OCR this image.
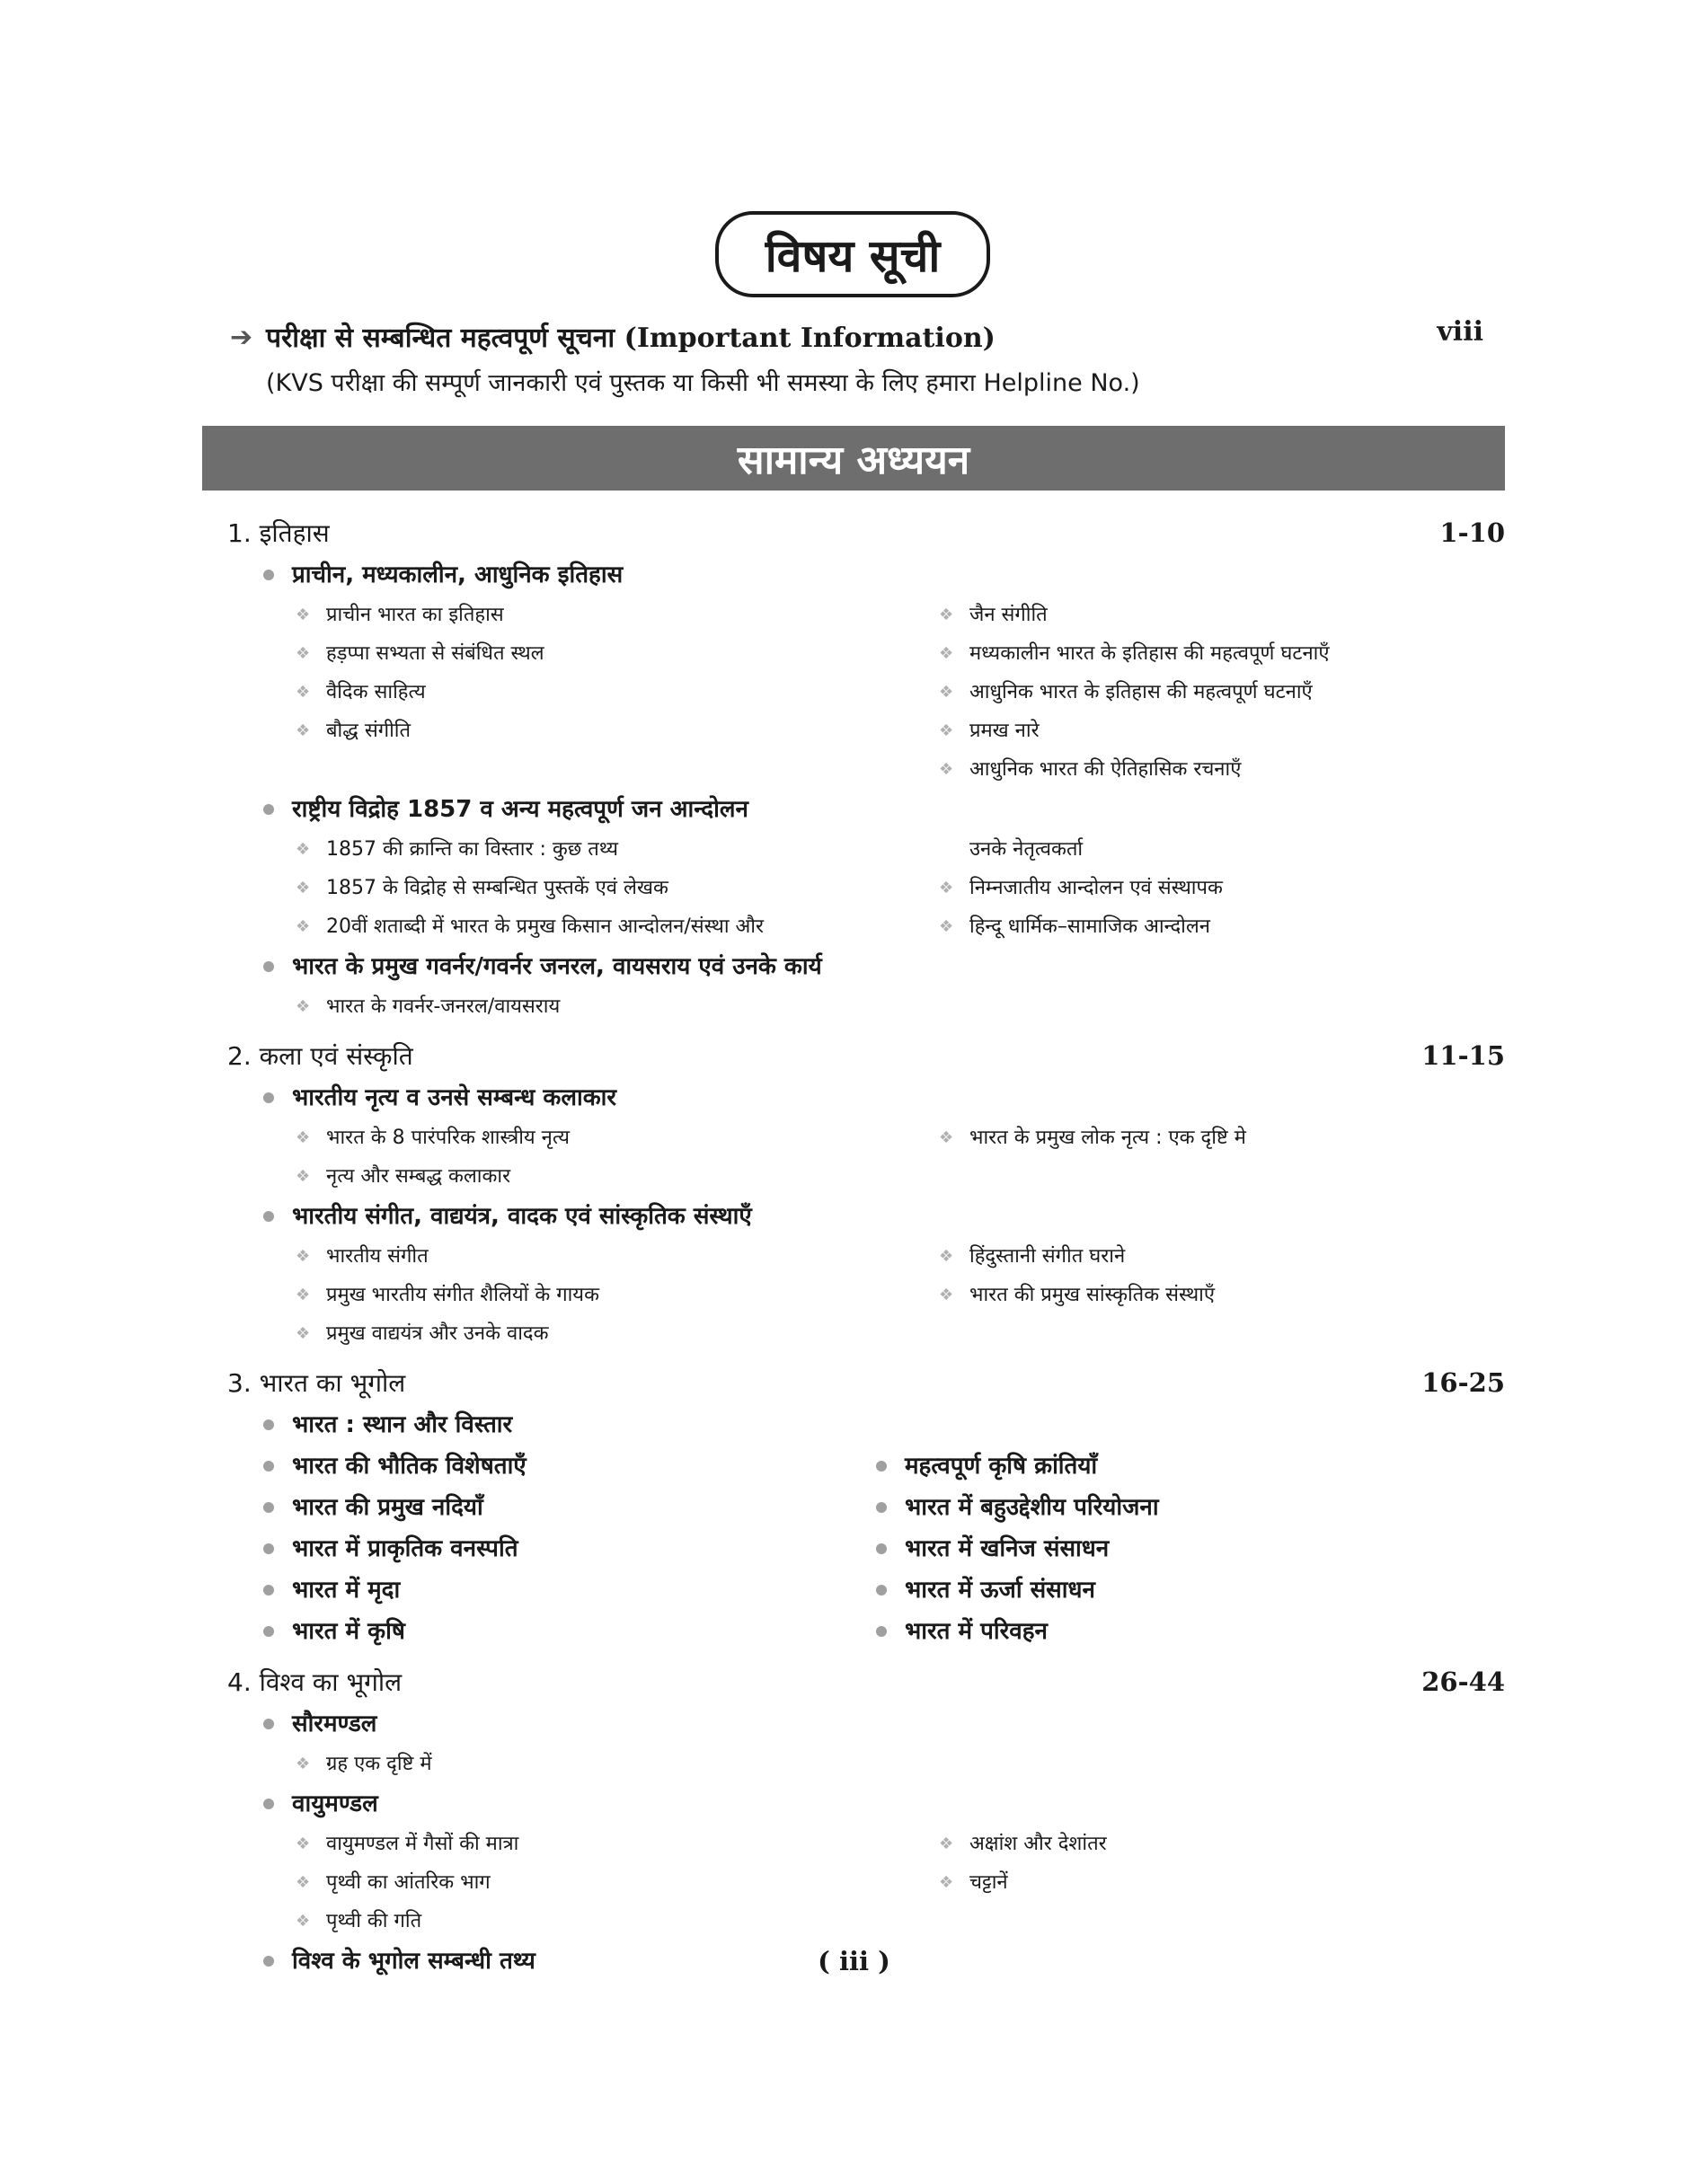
विषय सूची
➔ परीक्षा से सम्बन्धित महत्वपूर्ण सूचना (Important Information)	viii
(KVS परीक्षा की सम्पूर्ण जानकारी एवं पुस्तक या किसी भी समस्या के लिए हमारा Helpline No.)
सामान्य अध्ययन
1. इतिहास	1-10
प्राचीन, मध्यकालीन, आधुनिक इतिहास
❖ प्राचीन भारत का इतिहास	❖ जैन संगीति
❖ हड़प्पा सभ्यता से संबंधित स्थल	❖ मध्यकालीन भारत के इतिहास की महत्वपूर्ण घटनाएँ
❖ वैदिक साहित्य	❖ आधुनिक भारत के इतिहास की महत्वपूर्ण घटनाएँ
❖ बौद्ध संगीति	❖ प्रमख नारे
❖ आधुनिक भारत की ऐतिहासिक रचनाएँ
राष्ट्रीय विद्रोह 1857 व अन्य महत्वपूर्ण जन आन्दोलन
❖ 1857 की क्रान्ति का विस्तार : कुछ तथ्य	उनके नेतृत्वकर्ता
❖ 1857 के विद्रोह से सम्बन्धित पुस्तकें एवं लेखक	❖ निम्नजातीय आन्दोलन एवं संस्थापक
❖ 20वीं शताब्दी में भारत के प्रमुख किसान आन्दोलन/संस्था और	❖ हिन्दू धार्मिक–सामाजिक आन्दोलन
भारत के प्रमुख गवर्नर/गवर्नर जनरल, वायसराय एवं उनके कार्य
❖ भारत के गवर्नर-जनरल/वायसराय
2. कला एवं संस्कृति	11-15
भारतीय नृत्य व उनसे सम्बन्ध कलाकार
❖ भारत के 8 पारंपरिक शास्त्रीय नृत्य	❖ भारत के प्रमुख लोक नृत्य : एक दृष्टि मे
❖ नृत्य और सम्बद्ध कलाकार
भारतीय संगीत, वाद्ययंत्र, वादक एवं सांस्कृतिक संस्थाएँ
❖ भारतीय संगीत	❖ हिंदुस्तानी संगीत घराने
❖ प्रमुख भारतीय संगीत शैलियों के गायक	❖ भारत की प्रमुख सांस्कृतिक संस्थाएँ
❖ प्रमुख वाद्ययंत्र और उनके वादक
3. भारत का भूगोल	16-25
भारत : स्थान और विस्तार
भारत की भौतिक विशेषताएँ	महत्वपूर्ण कृषि क्रांतियाँ
भारत की प्रमुख नदियाँ	भारत में बहुउद्देशीय परियोजना
भारत में प्राकृतिक वनस्पति	भारत में खनिज संसाधन
भारत में मृदा	भारत में ऊर्जा संसाधन
भारत में कृषि	भारत में परिवहन
4. विश्व का भूगोल	26-44
सौरमण्डल
❖ ग्रह एक दृष्टि में
वायुमण्डल
❖ वायुमण्डल में गैसों की मात्रा	❖ अक्षांश और देशांतर
❖ पृथ्वी का आंतरिक भाग	❖ चट्टानें
❖ पृथ्वी की गति
विश्व के भूगोल सम्बन्धी तथ्य	( iii )
